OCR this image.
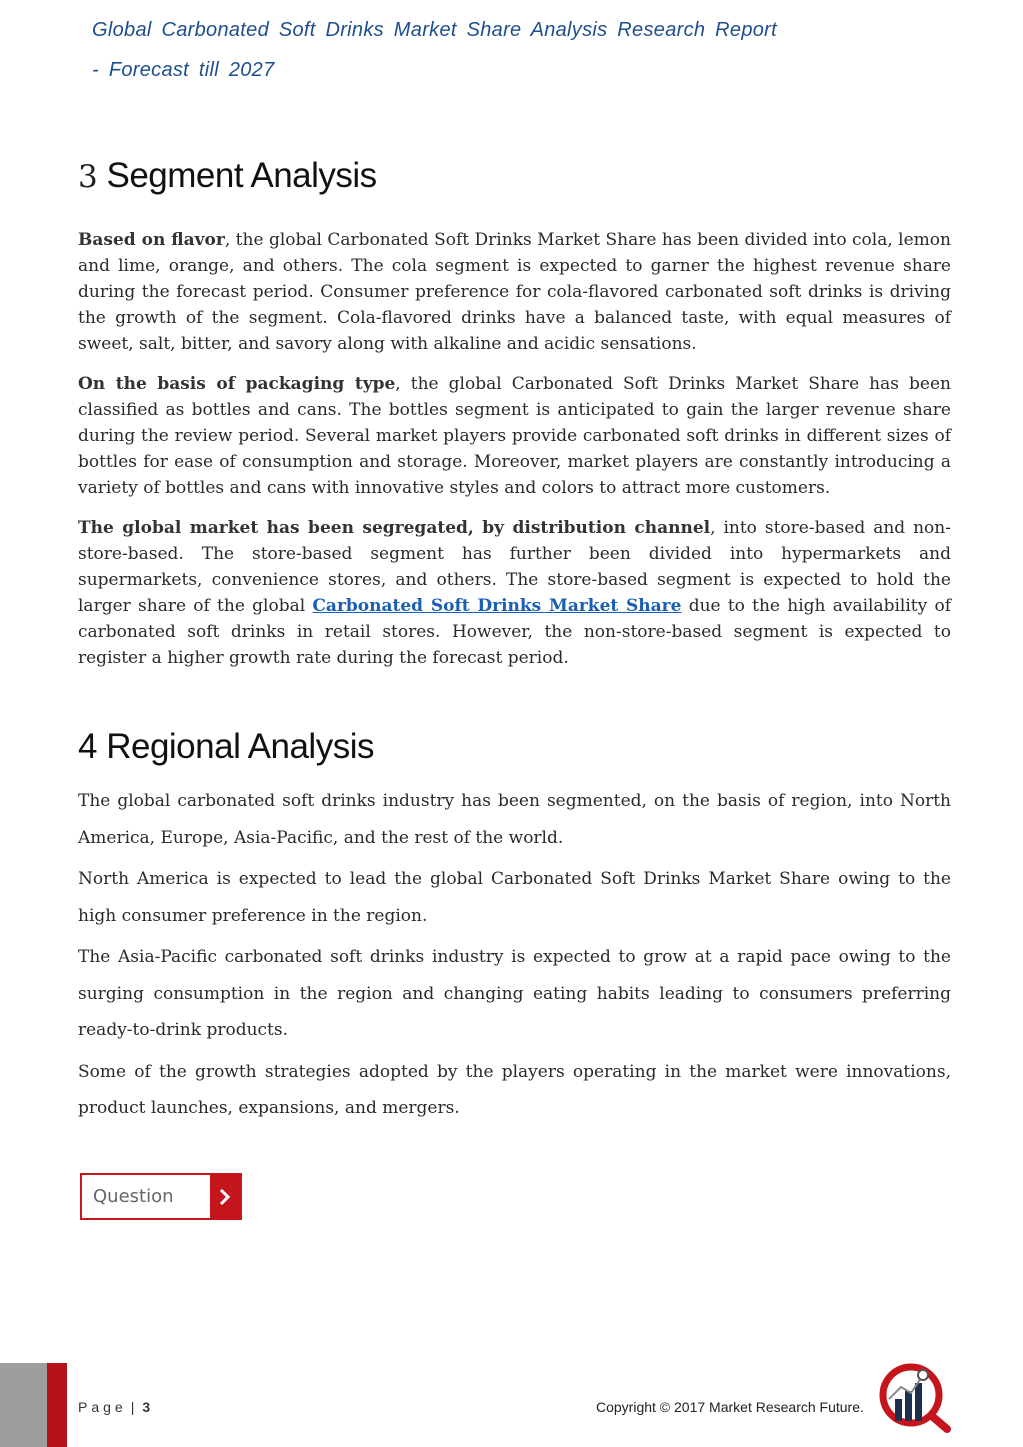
Global Carbonated Soft Drinks Market Share Analysis Research Report - Forecast till 2027
3 Segment Analysis

Based on flavor, the global Carbonated Soft Drinks Market Share has been divided into cola, lemon and lime, orange, and others. The cola segment is expected to garner the highest revenue share during the forecast period. Consumer preference for cola-flavored carbonated soft drinks is driving the growth of the segment. Cola-flavored drinks have a balanced taste, with equal measures of sweet, salt, bitter, and savory along with alkaline and acidic sensations.

On the basis of packaging type, the global Carbonated Soft Drinks Market Share has been classified as bottles and cans. The bottles segment is anticipated to gain the larger revenue share during the review period. Several market players provide carbonated soft drinks in different sizes of bottles for ease of consumption and storage. Moreover, market players are constantly introducing a variety of bottles and cans with innovative styles and colors to attract more customers.

The global market has been segregated, by distribution channel, into store-based and non-store-based. The store-based segment has further been divided into hypermarkets and supermarkets, convenience stores, and others. The store-based segment is expected to hold the larger share of the global Carbonated Soft Drinks Market Share due to the high availability of carbonated soft drinks in retail stores. However, the non-store-based segment is expected to register a higher growth rate during the forecast period.

4 Regional Analysis

The global carbonated soft drinks industry has been segmented, on the basis of region, into North America, Europe, Asia-Pacific, and the rest of the world.

North America is expected to lead the global Carbonated Soft Drinks Market Share owing to the high consumer preference in the region.

The Asia-Pacific carbonated soft drinks industry is expected to grow at a rapid pace owing to the surging consumption in the region and changing eating habits leading to consumers preferring ready-to-drink products.

Some of the growth strategies adopted by the players operating in the market were innovations, product launches, expansions, and mergers.

Question
Page | 3	Copyright © 2017 Market Research Future.
